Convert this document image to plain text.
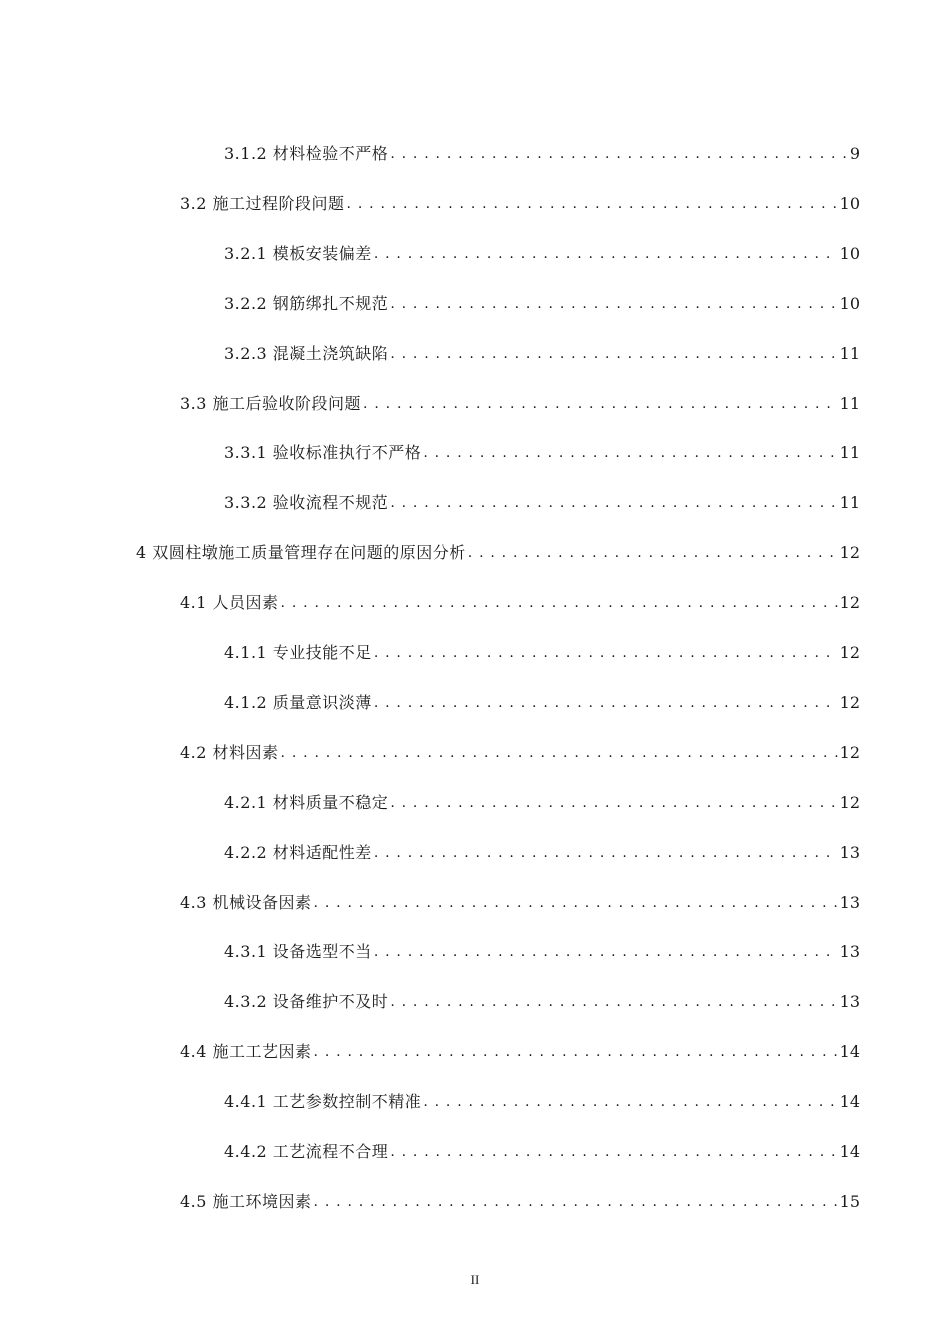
3.1.2 材料检验不严格 . . .	9
3.2 施工过程阶段问题 . . .	10
3.2.1 模板安装偏差 . . .	10
3.2.2 钢筋绑扎不规范 . . .	10
3.2.3 混凝土浇筑缺陷 . . .	11
3.3 施工后验收阶段问题 . . .	11
3.3.1 验收标准执行不严格 . . .	11
3.3.2 验收流程不规范 . . .	11
4 双圆柱墩施工质量管理存在问题的原因分析 . . .	12
4.1 人员因素 . . .	12
4.1.1 专业技能不足 . . .	12
4.1.2 质量意识淡薄 . . .	12
4.2 材料因素 . . .	12
4.2.1 材料质量不稳定 . . .	12
4.2.2 材料适配性差 . . .	13
4.3 机械设备因素 . . .	13
4.3.1 设备选型不当 . . .	13
4.3.2 设备维护不及时 . . .	13
4.4 施工工艺因素 . . .	14
4.4.1 工艺参数控制不精准 . . .	14
4.4.2 工艺流程不合理 . . .	14
4.5 施工环境因素 . . .	15
II
